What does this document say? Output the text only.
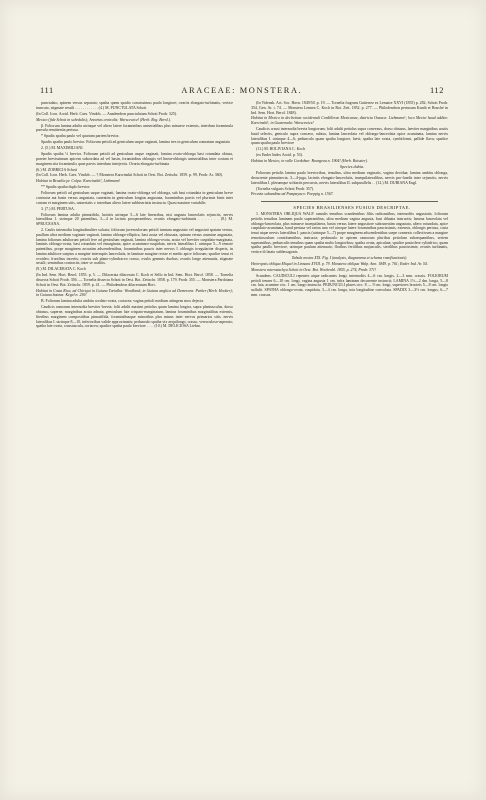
111	ARACEAE: MONSTERA.	112

punctulato, spinem versus separato; spatha quem spadix crassissimus paulo longiore; ovariis elongato-turbinatis, vertice truncato, stigmate sessili . . . . . . . . . . . . (4.) M. PUNCTULATA Schott

(In Coll. Icon. Aroid. Herb. Caes. Vindob. — Anadendron punctulatum Schott Prodr. 325).

Mexico (fide Schott in schedulis); Arearias centralis: Warscewicz! (Herb. Reg. Berol.).

β. Foliorum lamina adulta utrinque vel altero latere foraminibus uniserialibus plus minusve extensis, interdum foraminula parvula remittentia pertusa.

* Spadix spatha paulo vel quartam partem brevior.

Spadix spatha paulo brevior. Foliorum petioli ad geniculum usque vaginati, lamina tres in geniculum connatum angustata

2. (5.) M. MAXIMILIANI.

Spadix spatha ⅓ brevior. Foliorum petioli ad geniculum usque vaginati, lamina ovato-oblonga basi rotundata obtusa, praeter brevissimum apicem subcordata ad vel basin, foraminibus oblongis vel linear-oblongis uniserialibus inter costam et marginem sita foraminulis quae parvis interdum interjectis. Ovaria elongato-turbinata

(6.) M. ZORRICIA Schott

(In Coll. Icon. Herb. Caes. Vindob. — † Monstera Karwinskii Schott in Oest. Bot. Zeitschr. 1859. p. 99, Prodr. Ar. 360).

Habitat in Brasilia pr. Colpa: Karwinskii!, Liebmann!

** Spadix spatha duplo brevior.

Foliorum petioli ad geniculum usque vaginati, lamina ovato-oblonga vel oblonga, sub basi rotundata in geniculum breve contracta aut basin versus angustata, cuneatim in geniculum longius angustata, foraminibus parvis vel plurimis binis inter costam et marginem sitis, uniseriatis v. interdum altero latere subbiseriatis instructa. Quasi maxime variabilis

3. (7.) M. PERTUSA.

Foliorum lamina adulta pinnatifida, laciniis utrinque 5—6 late linearibus, nisi angusta lanceolatis sejunctis, nervis lateralibus 1. utrinque 20 patentibus, 3—4 in lacinia prosperantibus; ovariis elongato-turbinatis . . . . . . . (8.) M. SPRUCEANA.

2. Caulis internodia longitudinaliter sulcata; foliorum juvenculorum petioli tamtum angustato vel angustati spatam versus, paullum ultra medium vaginate vaginati, lamina oblongo-elliptica, basi acuta vel obtusata, spinam versus acumine angustata, lamina foliorum adultorum petioli fere ad geniculum vaginati, lamina oblongo-ovata, acuta vel breviter cuspidato-marginata, laminis oblongo-ovata, basi rotundata vel emarginata, apice acuminato-cuspidata, nervis lateralibus I. utrinque 5—9 remote patentibus, prope marginem arcuatim adscendentibus, foraminibus paucis inter nervos I. oblongis irregulariter disperis, in lamina adultiore saepius a margine interruptis lanceolatis, in laminae margine rectae et medio apice foliorum; spadice tenui et ovoideo; fructibus incertis; ovariis sub plano-cylindraceo crasso, ovulis gemmis duobus; ovariis longe attenuatis, stigmate sessili; seminibus contractis, inter se coalitis.

(9.) M. DILACERATA C. Koch

(In Ind. Sem. Hort. Berol. 1855. p. 5. — Dilacerata dilacerata C. Koch et Sello in Ind. Sem. Hort. Berol. 1858. — Tornelia dissecta Schott Prodr. 356. — Tornelia dissecta Schott in Oest. Bot. Zeitschr. 1858. p. 179. Prodr. 355. — Monstera Pardoiana Schott in Oest. Bot. Zeitschr. 1859. p. 41. — Philodendron dilaceratum Hort.

Habitat in Costa Rica, ad Chiriqui in Guiana Turialba: Woodland; in Guiana anglica ad Demerara: Parker (Herb. Hooker); in Guiana batava: Kegel n. 236!

B. Foliorum lamina adulta ambitu cordato-ovata, coriacea; vagina petioli medium attingens mox dejecta.

Caudicis ramorum internodia breviter brevia; folii adulti maximi petiolus quam lamina longior, supra planiusculus, dorso obtusus, superne, marginibus acuta adnata, geniculum late crispato-marginatum, lamina foraminibus marginalibus extensis, literibus marginem compositibus pinnatifida, foraminibusque minoribus plus minus inter nervos primarios sitis, nervis lateralibus I. utrinque 8—10, inferioribus valide approximatis; pedunculo spatha vix aequilongo, crasso, verruculoso-asperato; spatha late ovata, crassiuscula, coriacea; spadice spatha paulo breviore . . . . (10.) M. DELICIOSA Liebm.

(In Vidensk. Act. Soc. Havn. 1849/50. p. 19. — Tornelia fragrans Gutierrez ex Lemaire XXVI (1855) p. 282; Schott Prodr. 354, Gen. Ar. t. 74. — Monstera Lennea C. Koch in Bot. Zeit. 1852. p. 277. — Philodendron pertusum Kunth et Bouché in Ind. Sem. Hort. Berol. 1848).

Habitat in Mexico in declivitate occidentali Cordillerae Mexicanae, districtu Oaxaca: Liebmann!; loco Mexici haud addito: Karwinski!; in Guatemala: Warscewicz!

Caudicis crassi internodia brevia longiorum; folii adulti petiolus supra convexus, dorso obtusus, laeviter marginibus acutis haud selectis, geniculo supra concavo, subtus, lamina lanceolata vel oblongo-lanceolata apice acuminata, lamina nervis lateralibus I. utrinque 4—6; pedunculo quam spatha longiore, laevi; spatha late ovata, cymbiformi, pallide flava; spadice quam spatha paulo breviore

(11.) M. BOLIVIANA C. Koch

(ex Ender Index Aroid. p. 53).

Habitat in Mexico, in valle Cordobae: Bourgeau n. 1904! (Herb. Boissier).

Species dubia.

Foliorum petiolis lamina paulo brevioribus, tenuibus, ultra medium vaginatis, vagina decidua; lamina ambitu oblonga, decurrente pinnatisecta, 3—4-juga, laciniis elongato-lanceolatis, inaequilateralibus, nervis pro-fundis inter sejunctis, nervis lateralibus I. plerumque solitariis percursis, nervis lateralibus II. subparallelis . . (12.) M. DUBIANA Engl.

(Tornelia vulgaris Schott Prodr. 357).

Peruvia subandina ad Pampayaco: Poeppig n. 1567.

SPECIES BRASILIENSES FUSIUS DESCRIPTAE.

1. MONSTERA OBLIQUA WALP. ramulis tenuibus scandentibus filiis radicantibus, internodiis angustatis; foliorum petiolis tenuibus laminam paulo superantibus, ultra medium vagina angusta, basi dilatata instructis; lamina lanceolata vel oblongo-lanceolata, plus minusve inaequilatera, basin versus latere angustiore subcuneatim angustata, altero rotundata, apice cuspidato-acuminata, haud pertusa vel rarius uno vel utroque latere foraminibus paucissimis, extensis, oblongis pertusa, costa tenui atque nervis lateralibus I. paucis (utrinque 5—7) prope marginem adscendentibus saepe connexis collectivum a margine remotiusculum constituentibus instructa; pedunculo in apicem ramorum pluribus petiolum subaequantibus, seriem superantibus, pedunculis tenuibus quam spatha multo longioribus; spatha ovata, apiculata; spadice panicifere cylindrico, quam spatha paullo breviore, utrinque paulum attenuato; floribus fertilibus majusculis, sterilibus paucissimis; ovariis turbinatis, vertice di latato subhexagonis.

Tabula nostra XIX. Fig. I (analysis, diagramma et schema ramificationis).

Heteropsis obliqua Miquel in Linnaea XVIII. p. 79. Monstera obliqua Walp. Ann. 1849. p. 761; Ender Ind. Ar. 54.

Monstera microstachya Schott in Oest. Bot. Wochenbl. 1855. p. 274, Prodr. 371!

Scandens. CAUDICULI repentes atque radicantes longi, internodiis 4—6 cm. longis, 2—3 mm. crassis. FOLIORUM petioli tenues 6—10 cm. longi, vagina angusta 1 cm. infra laminam decurrente instructi; LAMINA 1½—2 dm. longa, 5—8 cm. lata, acumine circ. 1 cm. longo instructa. PEDUNCULI plures circ. 8 — 9 cm. longi, superiores bracteis 5—8 cm. longis suffulti. SPATHA oblongo-ovata, cuspidata, 3—4 cm. longa, tota longitudine convoluta. SPADIX 3—3½ cm. longus, 6—7 mm. crassus.
